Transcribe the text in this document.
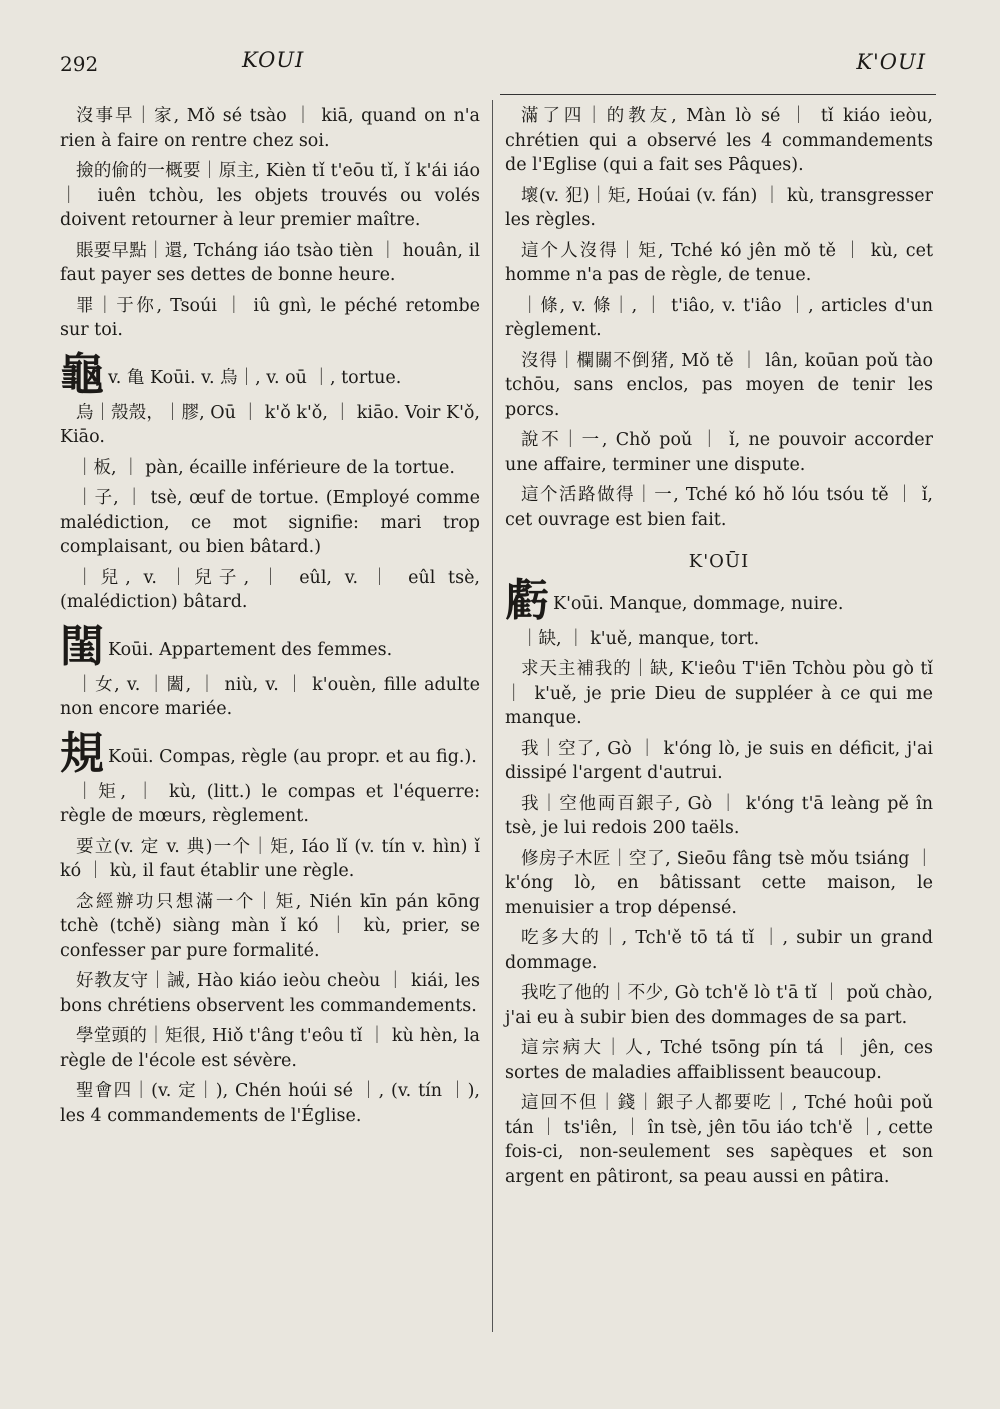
292	KOUI	K'OUI

沒事早｜家, Mǒ sé tsào ｜ kiā, quand on n'a rien à faire on rentre chez soi.

撿的偷的一概要｜原主, Kièn tǐ t'eōu tǐ, ǐ k'ái iáo ｜ iuên tchòu, les objets trouvés ou volés doivent retourner à leur premier maître.

賬要早點｜還, Tcháng iáo tsào tièn ｜ houân, il faut payer ses dettes de bonne heure.

罪｜于你, Tsoúi ｜ iû gnì, le péché retombe sur toi.

龜v. 亀 Koūi. v. 烏｜, v. oū ｜, tortue.

烏｜殼殼，｜膠, Oū ｜ k'ǒ k'ǒ, ｜ kiāo. Voir K'ǒ, Kiāo.

｜板, ｜ pàn, écaille inférieure de la tortue.

｜子, ｜ tsè, œuf de tortue. (Employé comme malédiction, ce mot signifie: mari trop complaisant, ou bien bâtard.)

｜兒, v. ｜兒子, ｜ eûl, v. ｜ eûl tsè, (malédiction) bâtard.

閨 Koūi. Appartement des femmes.

｜女, v. ｜闔, ｜ niù, v. ｜ k'ouèn, fille adulte non encore mariée.

規 Koūi. Compas, règle (au propr. et au fig.).

｜矩, ｜ kù, (litt.) le compas et l'équerre: règle de mœurs, règlement.

要立(v. 定 v. 典)一个｜矩, Iáo lǐ (v. tín v. hìn) ǐ kó ｜ kù, il faut établir une règle.

念經辦功只想滿一个｜矩, Nién kīn pán kōng tchè (tchě) siàng màn ǐ kó ｜ kù, prier, se confesser par pure formalité.

好教友守｜誡, Hào kiáo ieòu cheòu ｜ kiái, les bons chrétiens observent les commandements.

學堂頭的｜矩很, Hiǒ t'âng t'eôu tǐ ｜ kù hèn, la règle de l'école est sévère.

聖會四｜(v. 定｜), Chén hoúi sé ｜, (v. tín ｜), les 4 commandements de l'Église.

滿了四｜的教友, Màn lò sé ｜ tǐ kiáo ieòu, chrétien qui a observé les 4 commandements de l'Eglise (qui a fait ses Pâques).

壞(v. 犯)｜矩, Hoúai (v. fán) ｜ kù, transgresser les règles.

這个人沒得｜矩, Tché kó jên mǒ tě ｜ kù, cet homme n'a pas de règle, de tenue.

｜條, v. 條｜, ｜ t'iâo, v. t'iâo ｜, articles d'un règlement.

沒得｜欄關不倒猪, Mǒ tě ｜ lân, koūan poǔ tào tchōu, sans enclos, pas moyen de tenir les porcs.

說不｜一, Chǒ poǔ ｜ ǐ, ne pouvoir accorder une affaire, terminer une dispute.

這个活路做得｜一, Tché kó hǒ lóu tsóu tě ｜ ǐ, cet ouvrage est bien fait.

K'OŪI

虧 K'oūi. Manque, dommage, nuire.

｜缺, ｜ k'uě, manque, tort.

求天主補我的｜缺, K'ieôu T'iēn Tchòu pòu gò tǐ ｜ k'uě, je prie Dieu de suppléer à ce qui me manque.

我｜空了, Gò ｜ k'óng lò, je suis en déficit, j'ai dissipé l'argent d'autrui.

我｜空他両百銀子, Gò ｜ k'óng t'ā leàng pě în tsè, je lui redois 200 taëls.

修房子木匠｜空了, Sieōu fâng tsè mǒu tsiáng ｜ k'óng lò, en bâtissant cette maison, le menuisier a trop dépensé.

吃多大的｜, Tch'ě tō tá tǐ ｜, subir un grand dommage.

我吃了他的｜不少, Gò tch'ě lò t'ā tǐ ｜ poǔ chào, j'ai eu à subir bien des dommages de sa part.

這宗病大｜人, Tché tsōng pín tá ｜ jên, ces sortes de maladies affaiblissent beaucoup.

這回不但｜錢｜銀子人都要吃｜, Tché hoûi poǔ tán ｜ ts'iên, ｜ în tsè, jên tōu iáo tch'ě ｜, cette fois-ci, non-seulement ses sapèques et son argent en pâtiront, sa peau aussi en pâtira.
